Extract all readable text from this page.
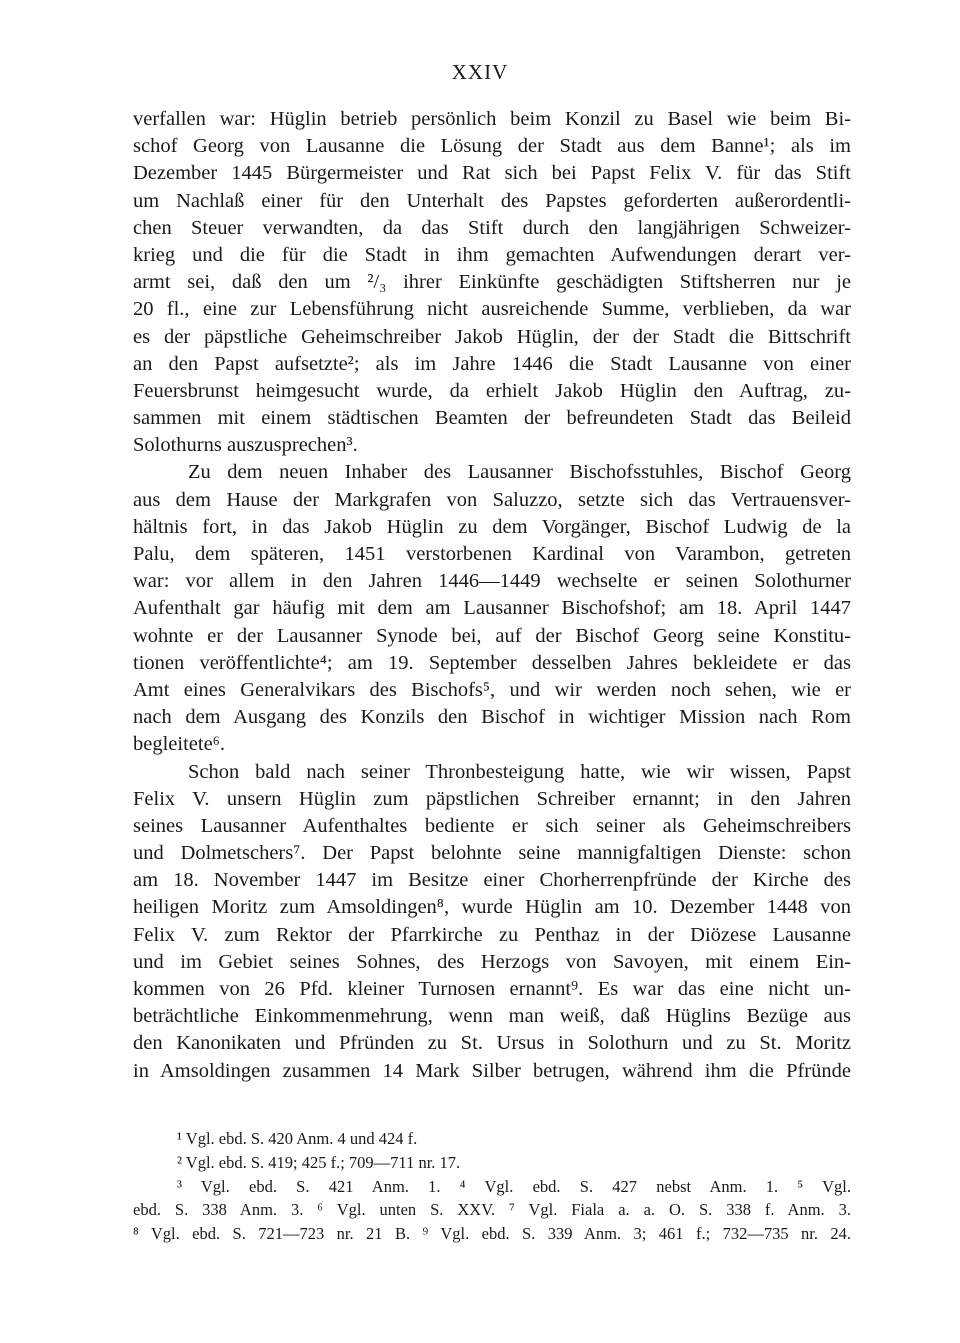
XXIV
verfallen war: Hüglin betrieb persönlich beim Konzil zu Basel wie beim Bi-
schof Georg von Lausanne die Lösung der Stadt aus dem Banne¹; als im
Dezember 1445 Bürgermeister und Rat sich bei Papst Felix V. für das Stift
um Nachlaß einer für den Unterhalt des Papstes geforderten außerordentli-
chen Steuer verwandten, da das Stift durch den langjährigen Schweizer-
krieg und die für die Stadt in ihm gemachten Aufwendungen derart ver-
armt sei, daß den um ²/₃ ihrer Einkünfte geschädigten Stiftsherren nur je
20 fl., eine zur Lebensführung nicht ausreichende Summe, verblieben, da war
es der päpstliche Geheimschreiber Jakob Hüglin, der der Stadt die Bittschrift
an den Papst aufsetzte²; als im Jahre 1446 die Stadt Lausanne von einer
Feuersbrunst heimgesucht wurde, da erhielt Jakob Hüglin den Auftrag, zu-
sammen mit einem städtischen Beamten der befreundeten Stadt das Beileid
Solothurns auszusprechen³.
Zu dem neuen Inhaber des Lausanner Bischofsstuhles, Bischof Georg
aus dem Hause der Markgrafen von Saluzzo, setzte sich das Vertrauensver-
hältnis fort, in das Jakob Hüglin zu dem Vorgänger, Bischof Ludwig de la
Palu, dem späteren, 1451 verstorbenen Kardinal von Varambon, getreten
war: vor allem in den Jahren 1446—1449 wechselte er seinen Solothurner
Aufenthalt gar häufig mit dem am Lausanner Bischofshof; am 18. April 1447
wohnte er der Lausanner Synode bei, auf der Bischof Georg seine Konstitu-
tionen veröffentlichte⁴; am 19. September desselben Jahres bekleidete er das
Amt eines Generalvikars des Bischofs⁵, und wir werden noch sehen, wie er
nach dem Ausgang des Konzils den Bischof in wichtiger Mission nach Rom
begleitete⁶.
Schon bald nach seiner Thronbesteigung hatte, wie wir wissen, Papst
Felix V. unsern Hüglin zum päpstlichen Schreiber ernannt; in den Jahren
seines Lausanner Aufenthaltes bediente er sich seiner als Geheimschreibers
und Dolmetschers⁷. Der Papst belohnte seine mannigfaltigen Dienste: schon
am 18. November 1447 im Besitze einer Chorherrenpfründe der Kirche des
heiligen Moritz zum Amsoldingen⁸, wurde Hüglin am 10. Dezember 1448 von
Felix V. zum Rektor der Pfarrkirche zu Penthaz in der Diözese Lausanne
und im Gebiet seines Sohnes, des Herzogs von Savoyen, mit einem Ein-
kommen von 26 Pfd. kleiner Turnosen ernannt⁹. Es war das eine nicht un-
beträchtliche Einkommenmehrung, wenn man weiß, daß Hüglins Bezüge aus
den Kanonikaten und Pfründen zu St. Ursus in Solothurn und zu St. Moritz
in Amsoldingen zusammen 14 Mark Silber betrugen, während ihm die Pfründe
¹ Vgl. ebd. S. 420 Anm. 4 und 424 f.
² Vgl. ebd. S. 419; 425 f.; 709—711 nr. 17.
³ Vgl. ebd. S. 421 Anm. 1. ⁴ Vgl. ebd. S. 427 nebst Anm. 1. ⁵ Vgl.
ebd. S. 338 Anm. 3. ⁶ Vgl. unten S. XXV. ⁷ Vgl. Fiala a. a. O. S. 338 f. Anm. 3.
⁸ Vgl. ebd. S. 721—723 nr. 21 B. ⁹ Vgl. ebd. S. 339 Anm. 3; 461 f.; 732—735 nr. 24.
